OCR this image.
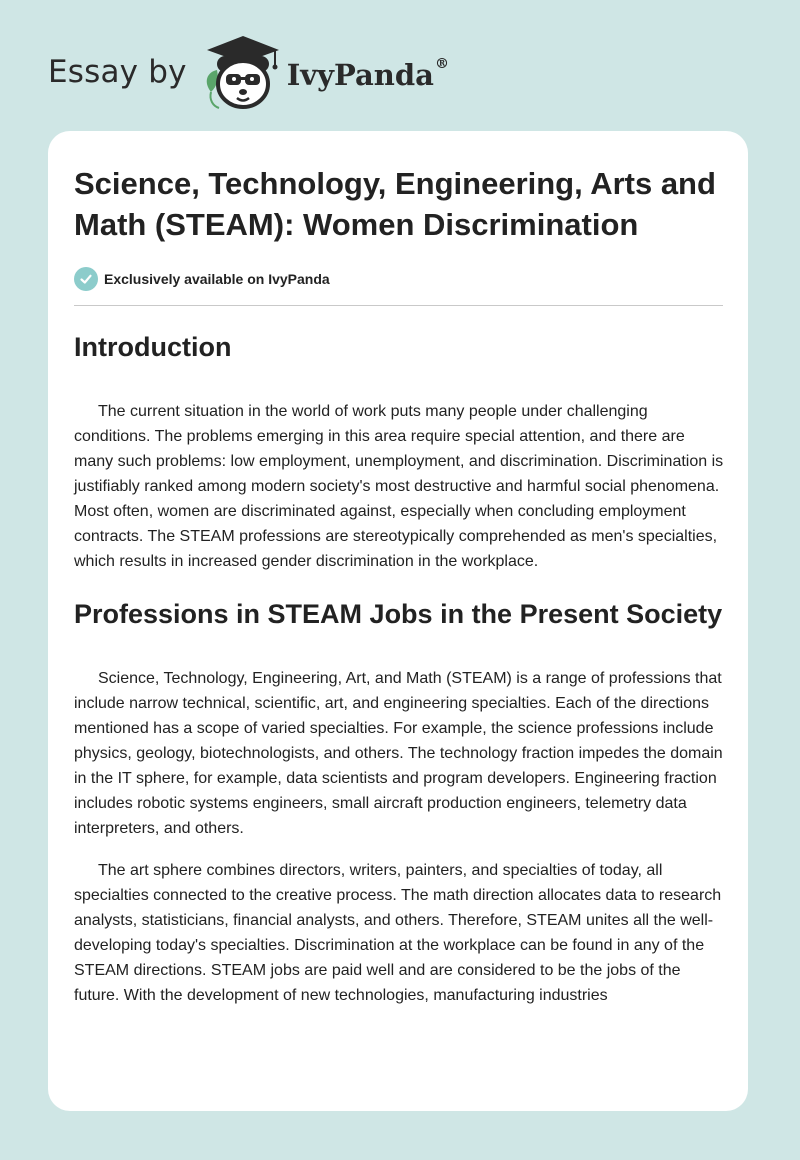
Essay by	IvyPanda®
Science, Technology, Engineering, Arts and Math (STEAM): Women Discrimination
Exclusively available on IvyPanda
Introduction

The current situation in the world of work puts many people under challenging conditions. The problems emerging in this area require special attention, and there are many such problems: low employment, unemployment, and discrimination. Discrimination is justifiably ranked among modern society's most destructive and harmful social phenomena. Most often, women are discriminated against, especially when concluding employment contracts. The STEAM professions are stereotypically comprehended as men's specialties, which results in increased gender discrimination in the workplace.

Professions in STEAM Jobs in the Present Society

Science, Technology, Engineering, Art, and Math (STEAM) is a range of professions that include narrow technical, scientific, art, and engineering specialties. Each of the directions mentioned has a scope of varied specialties. For example, the science professions include physics, geology, biotechnologists, and others. The technology fraction impedes the domain in the IT sphere, for example, data scientists and program developers. Engineering fraction includes robotic systems engineers, small aircraft production engineers, telemetry data interpreters, and others.

The art sphere combines directors, writers, painters, and specialties of today, all specialties connected to the creative process. The math direction allocates data to research analysts, statisticians, financial analysts, and others. Therefore, STEAM unites all the well-developing today's specialties. Discrimination at the workplace can be found in any of the STEAM directions. STEAM jobs are paid well and are considered to be the jobs of the future. With the development of new technologies, manufacturing industries
